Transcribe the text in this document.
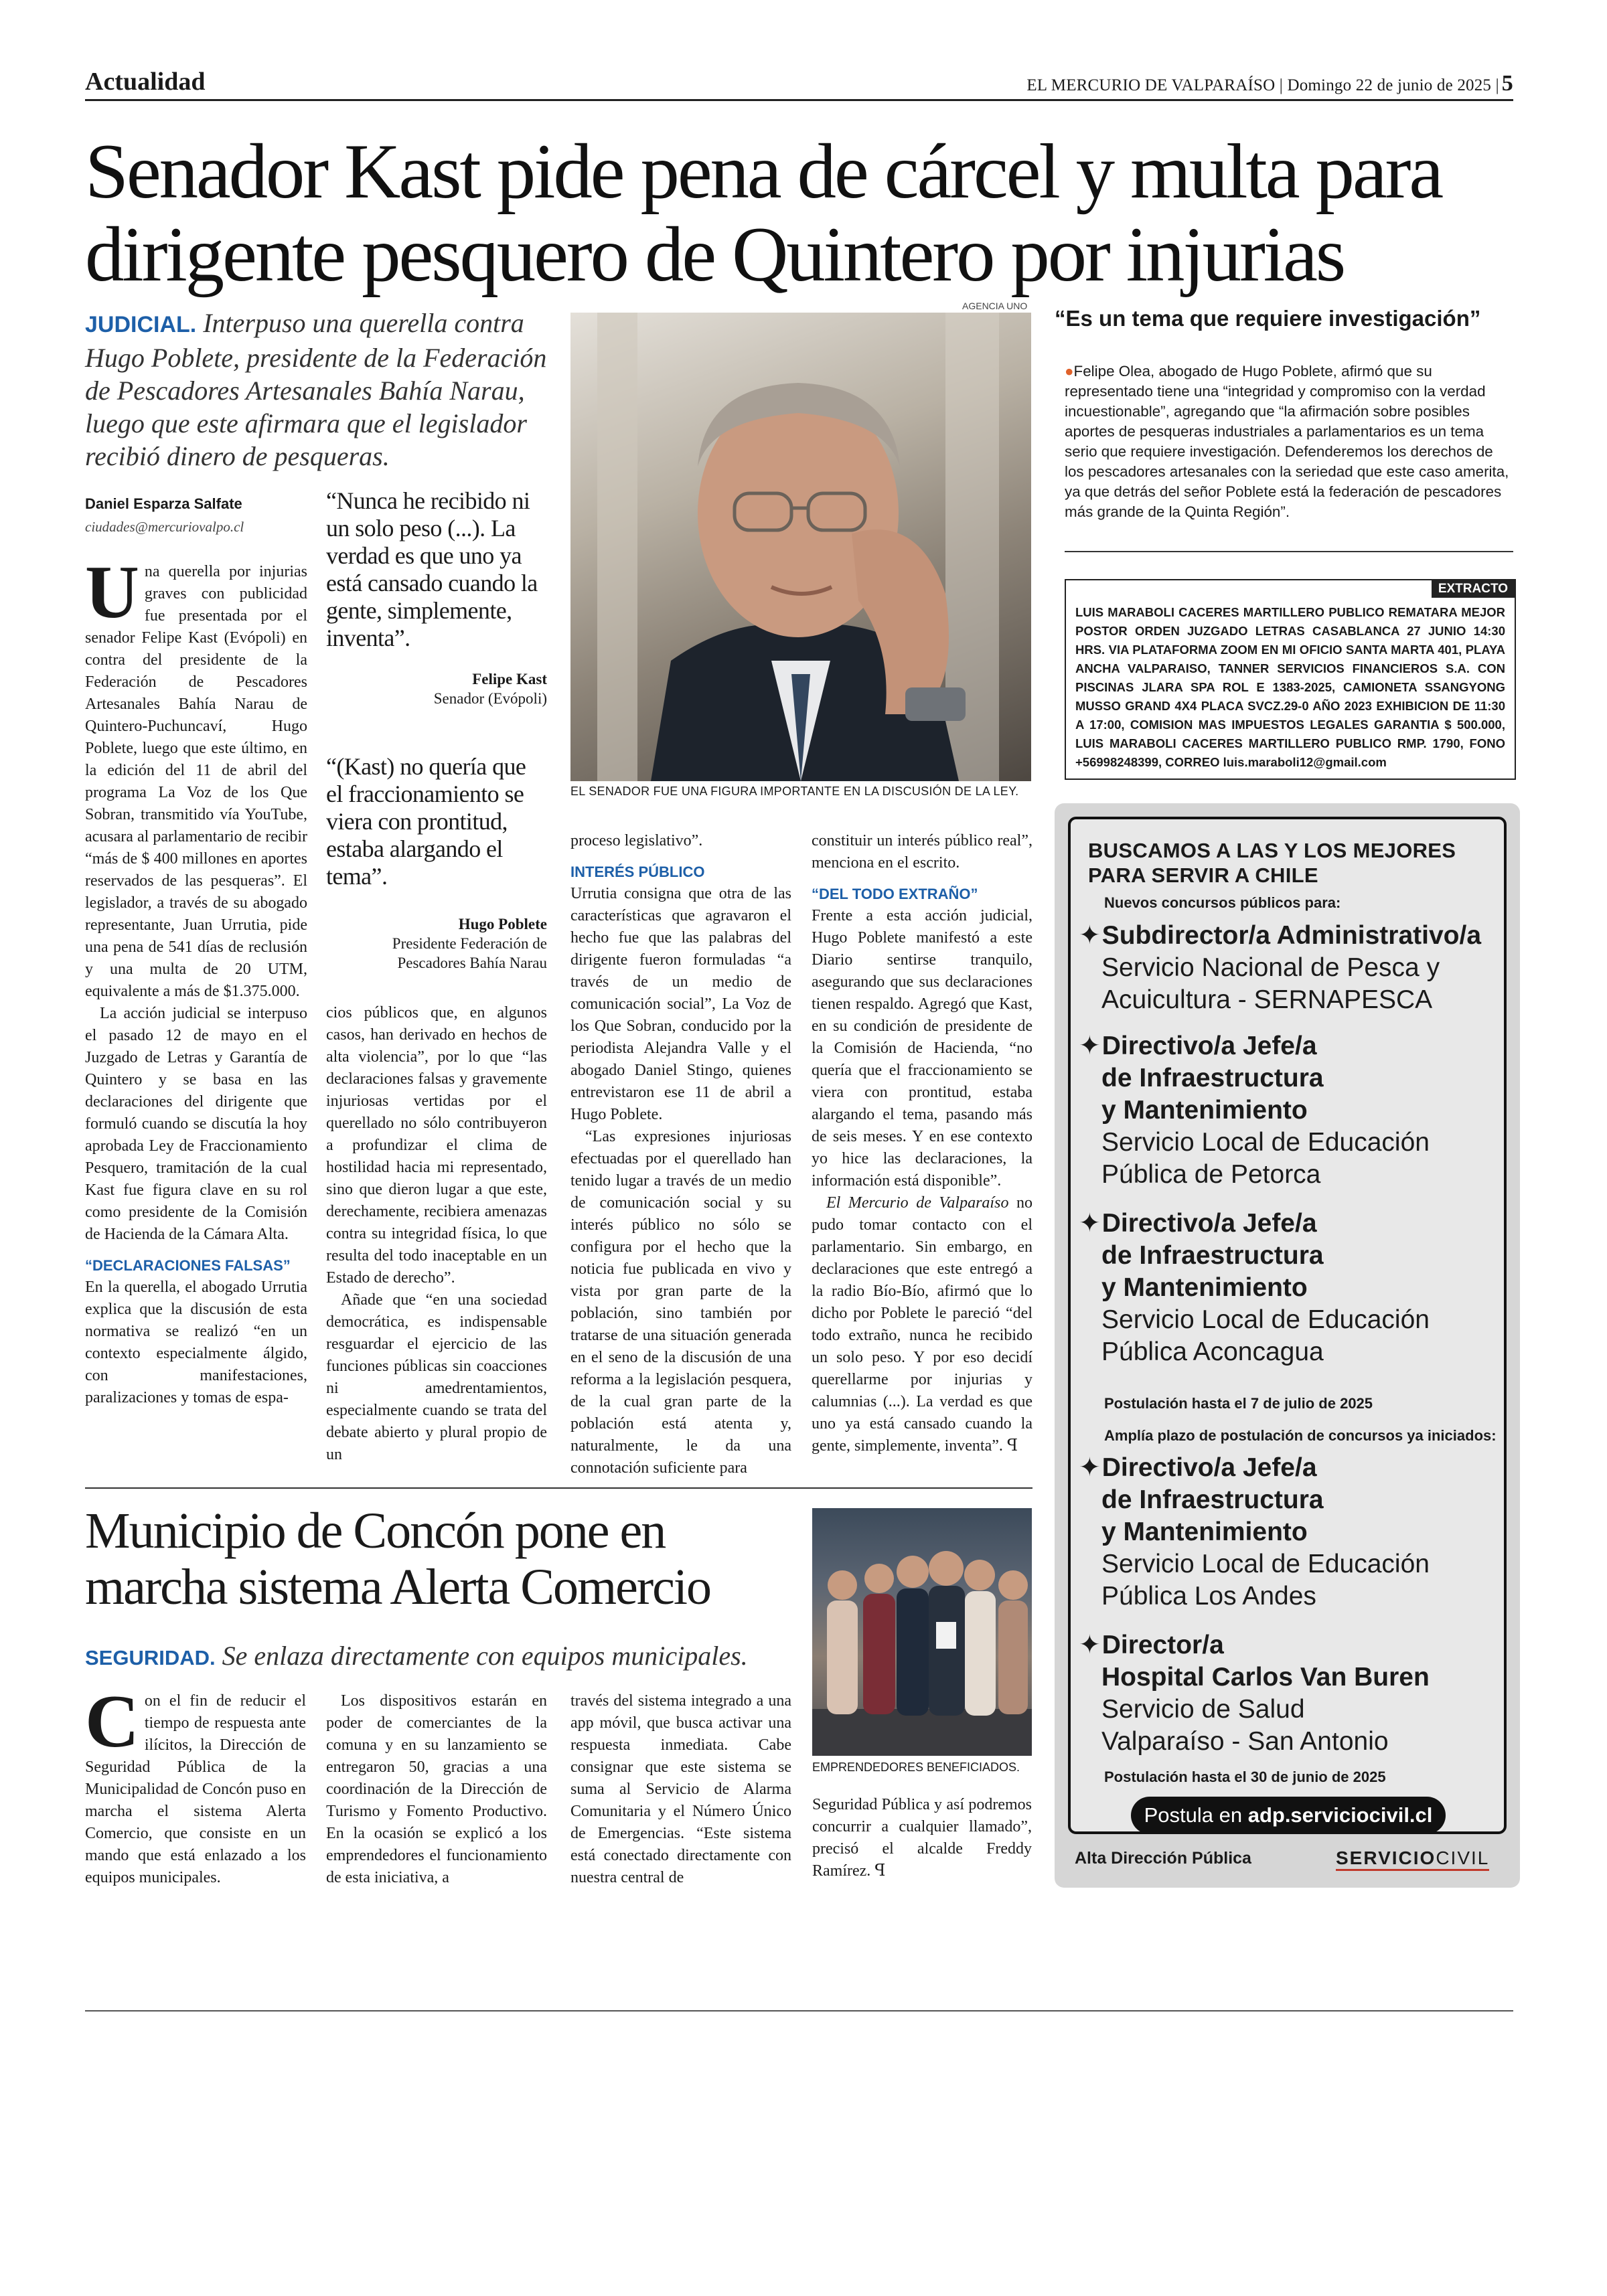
Actualidad	EL MERCURIO DE VALPARAÍSO | Domingo 22 de junio de 2025 | 5
Senador Kast pide pena de cárcel y multa para dirigente pesquero de Quintero por injurias
JUDICIAL. Interpuso una querella contra Hugo Poblete, presidente de la Federación de Pescadores Artesanales Bahía Narau, luego que este afirmara que el legislador recibió dinero de pesqueras.
Daniel Esparza Salfate
ciudades@mercuriovalpo.cl

Una querella por injurias graves con publicidad fue presentada por el senador Felipe Kast (Evópoli) en contra del presidente de la Federación de Pescadores Artesanales Bahía Narau de Quintero-Puchuncaví, Hugo Poblete, luego que este último, en la edición del 11 de abril del programa La Voz de los Que Sobran, transmitido vía YouTube, acusara al parlamentario de recibir “más de $ 400 millones en aportes reservados de las pesqueras”. El legislador, a través de su abogado representante, Juan Urrutia, pide una pena de 541 días de reclusión y una multa de 20 UTM, equivalente a más de $1.375.000.

La acción judicial se interpuso el pasado 12 de mayo en el Juzgado de Letras y Garantía de Quintero y se basa en las declaraciones del dirigente que formuló cuando se discutía la hoy aprobada Ley de Fraccionamiento Pesquero, tramitación de la cual Kast fue figura clave en su rol como presidente de la Comisión de Hacienda de la Cámara Alta.

“DECLARACIONES FALSAS”

En la querella, el abogado Urrutia explica que la discusión de esta normativa se realizó “en un contexto especialmente álgido, con manifestaciones, paralizaciones y tomas de espa-

“Nunca he recibido ni un solo peso (...). La verdad es que uno ya está cansado cuando la gente, simplemente, inventa”.
Felipe Kast
Senador (Evópoli)
“(Kast) no quería que el fraccionamiento se viera con prontitud, estaba alargando el tema”.
Hugo Poblete
Presidente Federación de Pescadores Bahía Narau

cios públicos que, en algunos casos, han derivado en hechos de alta violencia”, por lo que “las declaraciones falsas y gravemente injuriosas vertidas por el querellado no sólo contribuyeron a profundizar el clima de hostilidad hacia mi representado, sino que dieron lugar a que este, derechamente, recibiera amenazas contra su integridad física, lo que resulta del todo inaceptable en un Estado de derecho”.

Añade que “en una sociedad democrática, es indispensable resguardar el ejercicio de las funciones públicas sin coacciones ni amedrentamientos, especialmente cuando se trata del debate abierto y plural propio de un

AGENCIA UNO
EL SENADOR FUE UNA FIGURA IMPORTANTE EN LA DISCUSIÓN DE LA LEY.

proceso legislativo”.

INTERÉS PÚBLICO

Urrutia consigna que otra de las características que agravaron el hecho fue que las palabras del dirigente fueron formuladas “a través de un medio de comunicación social”, La Voz de los Que Sobran, conducido por la periodista Alejandra Valle y el abogado Daniel Stingo, quienes entrevistaron ese 11 de abril a Hugo Poblete.

“Las expresiones injuriosas efectuadas por el querellado han tenido lugar a través de un medio de comunicación social y su interés público no sólo se configura por el hecho que la noticia fue publicada en vivo y vista por gran parte de la población, sino también por tratarse de una situación generada en el seno de la discusión de una reforma a la legislación pesquera, de la cual gran parte de la población está atenta y, naturalmente, le da una connotación suficiente para

constituir un interés público real”, menciona en el escrito.

“DEL TODO EXTRAÑO”

Frente a esta acción judicial, Hugo Poblete manifestó a este Diario sentirse tranquilo, asegurando que sus declaraciones tienen respaldo. Agregó que Kast, en su condición de presidente de la Comisión de Hacienda, “no quería que el fraccionamiento se viera con prontitud, estaba alargando el tema, pasando más de seis meses. Y en ese contexto yo hice las declaraciones, la información está disponible”.

El Mercurio de Valparaíso no pudo tomar contacto con el parlamentario. Sin embargo, en declaraciones que este entregó a la radio Bío-Bío, afirmó que lo dicho por Poblete le pareció “del todo extraño, nunca he recibido un solo peso. Y por eso decidí querellarme por injurias y calumnias (...). La verdad es que uno ya está cansado cuando la gente, simplemente, inventa”. ꟼ

“Es un tema que requiere investigación”
●Felipe Olea, abogado de Hugo Poblete, afirmó que su representado tiene una “integridad y compromiso con la verdad incuestionable”, agregando que “la afirmación sobre posibles aportes de pesqueras industriales a parlamentarios es un tema serio que requiere investigación. Defenderemos los derechos de los pescadores artesanales con la seriedad que este caso amerita, ya que detrás del señor Poblete está la federación de pescadores más grande de la Quinta Región”.
EXTRACTO
LUIS MARABOLI CACERES MARTILLERO PUBLICO REMATARA MEJOR POSTOR ORDEN JUZGADO LETRAS CASABLANCA 27 JUNIO 14:30 HRS. VIA PLATAFORMA ZOOM EN MI OFICIO SANTA MARTA 401, PLAYA ANCHA VALPARAISO, TANNER SERVICIOS FINANCIEROS S.A. CON PISCINAS JLARA SPA ROL E 1383-2025, CAMIONETA SSANGYONG MUSSO GRAND 4X4 PLACA SVCZ.29-0 AÑO 2023 EXHIBICION DE 11:30 A 17:00, COMISION MAS IMPUESTOS LEGALES GARANTIA $ 500.000, LUIS MARABOLI CACERES MARTILLERO PUBLICO RMP. 1790, FONO +56998248399, CORREO luis.maraboli12@gmail.com
BUSCAMOS A LAS Y LOS MEJORES
PARA SERVIR A CHILE
Nuevos concursos públicos para:
✦ Subdirector/a Administrativo/a
Servicio Nacional de Pesca y
Acuicultura - SERNAPESCA
✦ Directivo/a Jefe/a
de Infraestructura
y Mantenimiento
Servicio Local de Educación
Pública de Petorca
✦ Directivo/a Jefe/a
de Infraestructura
y Mantenimiento
Servicio Local de Educación
Pública Aconcagua
Postulación hasta el 7 de julio de 2025
Amplía plazo de postulación de concursos ya iniciados:
✦ Directivo/a Jefe/a
de Infraestructura
y Mantenimiento
Servicio Local de Educación
Pública Los Andes
✦ Director/a
Hospital Carlos Van Buren
Servicio de Salud
Valparaíso - San Antonio
Postulación hasta el 30 de junio de 2025
Postula en adp.serviciocivil.cl
Alta Dirección Pública	SERVICIOCIVIL
Municipio de Concón pone en marcha sistema Alerta Comercio
SEGURIDAD. Se enlaza directamente con equipos municipales.

Con el fin de reducir el tiempo de respuesta ante ilícitos, la Dirección de Seguridad Pública de la Municipalidad de Concón puso en marcha el sistema Alerta Comercio, que consiste en un mando que está enlazado a los equipos municipales.

Los dispositivos estarán en poder de comerciantes de la comuna y en su lanzamiento se entregaron 50, gracias a una coordinación de la Dirección de Turismo y Fomento Productivo. En la ocasión se explicó a los emprendedores el funcionamiento de esta iniciativa, a

través del sistema integrado a una app móvil, que busca activar una respuesta inmediata. Cabe consignar que este sistema se suma al Servicio de Alarma Comunitaria y el Número Único de Emergencias. “Este sistema está conectado directamente con nuestra central de

EMPRENDEDORES BENEFICIADOS.

Seguridad Pública y así podremos concurrir a cualquier llamado”, precisó el alcalde Freddy Ramírez. ꟼ
